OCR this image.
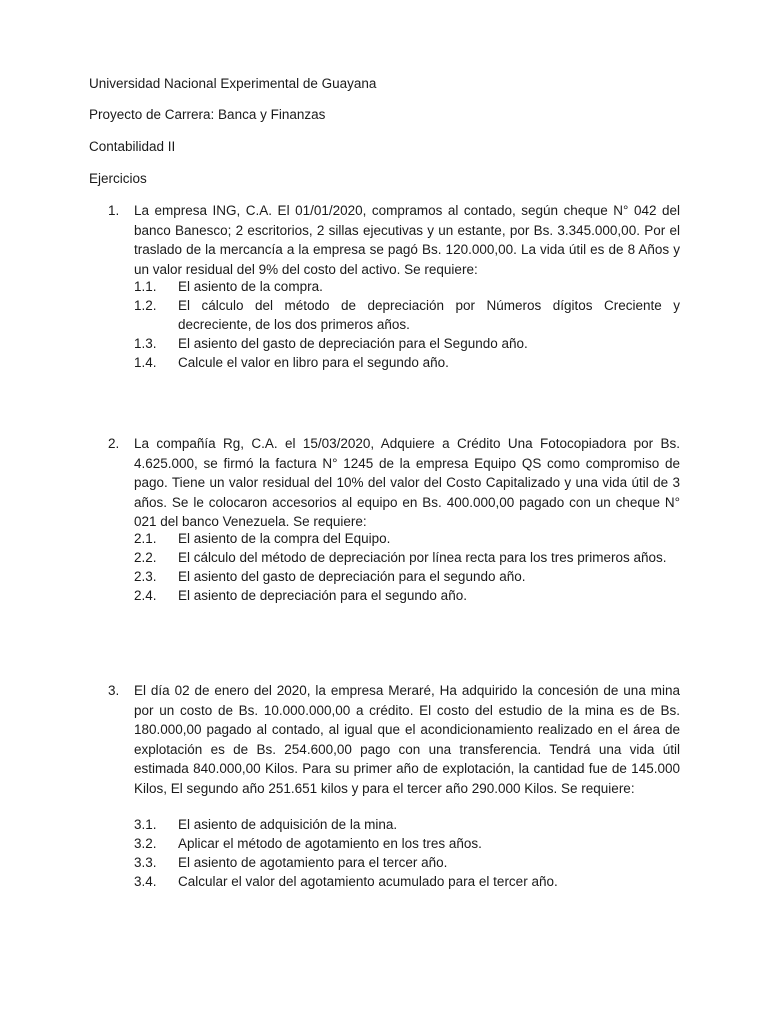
Universidad Nacional Experimental de Guayana
Proyecto de Carrera: Banca y Finanzas
Contabilidad II
Ejercicios
1. La empresa ING, C.A. El 01/01/2020, compramos al contado, según cheque N° 042 del banco Banesco; 2 escritorios, 2 sillas ejecutivas y un estante, por Bs. 3.345.000,00. Por el traslado de la mercancía a la empresa se pagó Bs. 120.000,00. La vida útil es de 8 Años y un valor residual del 9% del costo del activo. Se requiere:

1.1.	El asiento de la compra.
1.2.	El cálculo del método de depreciación por Números dígitos Creciente y decreciente, de los dos primeros años.
1.3.	El asiento del gasto de depreciación para el Segundo año.
1.4.	Calcule el valor en libro para el segundo año.
2. La compañía Rg, C.A. el 15/03/2020, Adquiere a Crédito Una Fotocopiadora por Bs. 4.625.000, se firmó la factura N° 1245 de la empresa Equipo QS como compromiso de pago. Tiene un valor residual del 10% del valor del Costo Capitalizado y una vida útil de 3 años. Se le colocaron accesorios al equipo en Bs. 400.000,00 pagado con un cheque N° 021 del banco Venezuela. Se requiere:

2.1.	El asiento de la compra del Equipo.
2.2.	El cálculo del método de depreciación por línea recta para los tres primeros años.
2.3.	El asiento del gasto de depreciación para el segundo año.
2.4.	El asiento de depreciación para el segundo año.
3. El día 02 de enero del 2020, la empresa Meraré, Ha adquirido la concesión de una mina por un costo de Bs. 10.000.000,00 a crédito. El costo del estudio de la mina es de Bs. 180.000,00 pagado al contado, al igual que el acondicionamiento realizado en el área de explotación es de Bs. 254.600,00 pago con una transferencia. Tendrá una vida útil estimada 840.000,00 Kilos. Para su primer año de explotación, la cantidad fue de 145.000 Kilos, El segundo año 251.651 kilos y para el tercer año 290.000 Kilos. Se requiere:

3.1.	El asiento de adquisición de la mina.
3.2.	Aplicar el método de agotamiento en los tres años.
3.3.	El asiento de agotamiento para el tercer año.
3.4.	Calcular el valor del agotamiento acumulado para el tercer año.
